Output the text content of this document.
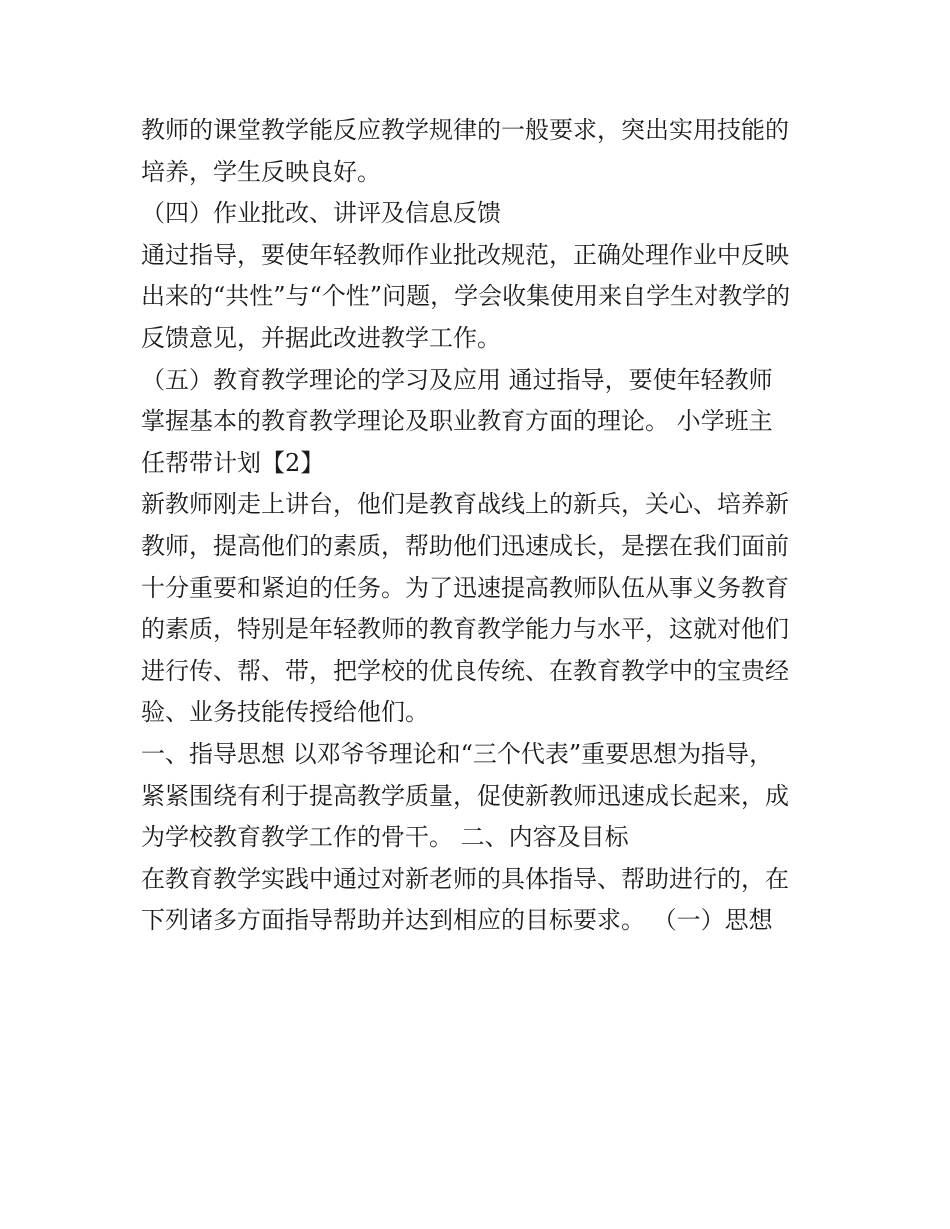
教师的课堂教学能反应教学规律的一般要求，突出实用技能的
培养，学生反映良好。
（四）作业批改、讲评及信息反馈
通过指导，要使年轻教师作业批改规范，正确处理作业中反映
出来的“共性”与“个性”问题，学会收集使用来自学生对教学的
反馈意见，并据此改进教学工作。
（五）教育教学理论的学习及应用 通过指导，要使年轻教师
掌握基本的教育教学理论及职业教育方面的理论。 小学班主
任帮带计划【2】
新教师刚走上讲台，他们是教育战线上的新兵，关心、培养新
教师，提高他们的素质，帮助他们迅速成长，是摆在我们面前
十分重要和紧迫的任务。为了迅速提高教师队伍从事义务教育
的素质，特别是年轻教师的教育教学能力与水平，这就对他们
进行传、帮、带，把学校的优良传统、在教育教学中的宝贵经
验、业务技能传授给他们。
一、指导思想 以邓爷爷理论和“三个代表”重要思想为指导，
紧紧围绕有利于提高教学质量，促使新教师迅速成长起来，成
为学校教育教学工作的骨干。 二、内容及目标
在教育教学实践中通过对新老师的具体指导、帮助进行的，在
下列诸多方面指导帮助并达到相应的目标要求。 （一）思想
